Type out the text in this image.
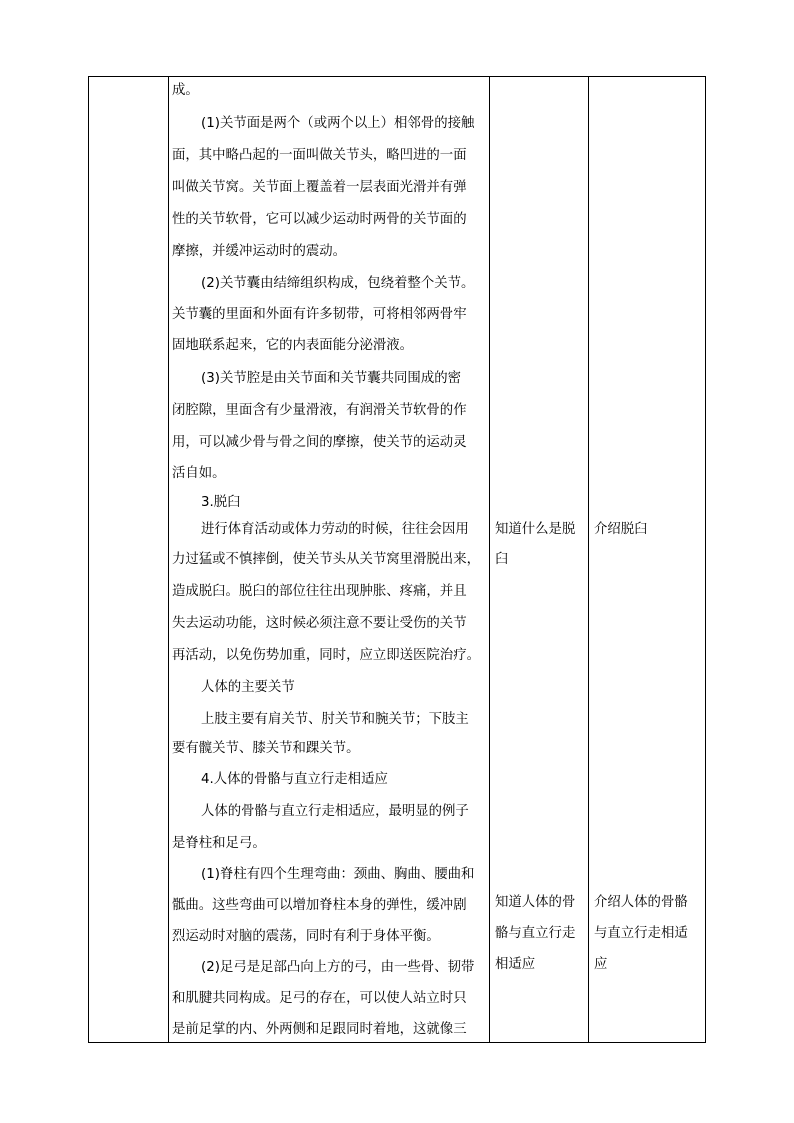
成。
(1)关节面是两个（或两个以上）相邻骨的接触
面，其中略凸起的一面叫做关节头，略凹进的一面
叫做关节窝。关节面上覆盖着一层表面光滑并有弹
性的关节软骨，它可以减少运动时两骨的关节面的
摩擦，并缓冲运动时的震动。
(2)关节囊由结缔组织构成，包绕着整个关节。
关节囊的里面和外面有许多韧带，可将相邻两骨牢
固地联系起来，它的内表面能分泌滑液。
(3)关节腔是由关节面和关节囊共同围成的密
闭腔隙，里面含有少量滑液，有润滑关节软骨的作
用，可以减少骨与骨之间的摩擦，使关节的运动灵
活自如。
3.脱臼
进行体育活动或体力劳动的时候，往往会因用
力过猛或不慎摔倒，使关节头从关节窝里滑脱出来，
造成脱臼。脱臼的部位往往出现肿胀、疼痛，并且
失去运动功能，这时候必须注意不要让受伤的关节
再活动，以免伤势加重，同时，应立即送医院治疗。
人体的主要关节
上肢主要有肩关节、肘关节和腕关节；下肢主
要有髋关节、膝关节和踝关节。
4.人体的骨骼与直立行走相适应
人体的骨骼与直立行走相适应，最明显的例子
是脊柱和足弓。
(1)脊柱有四个生理弯曲：颈曲、胸曲、腰曲和
骶曲。这些弯曲可以增加脊柱本身的弹性，缓冲剧
烈运动时对脑的震荡，同时有利于身体平衡。
(2)足弓是足部凸向上方的弓，由一些骨、韧带
和肌腱共同构成。足弓的存在，可以使人站立时只
是前足掌的内、外两侧和足跟同时着地，这就像三
知道什么是脱
臼
知道人体的骨
骼与直立行走
相适应
介绍脱臼
介绍人体的骨骼
与直立行走相适
应
